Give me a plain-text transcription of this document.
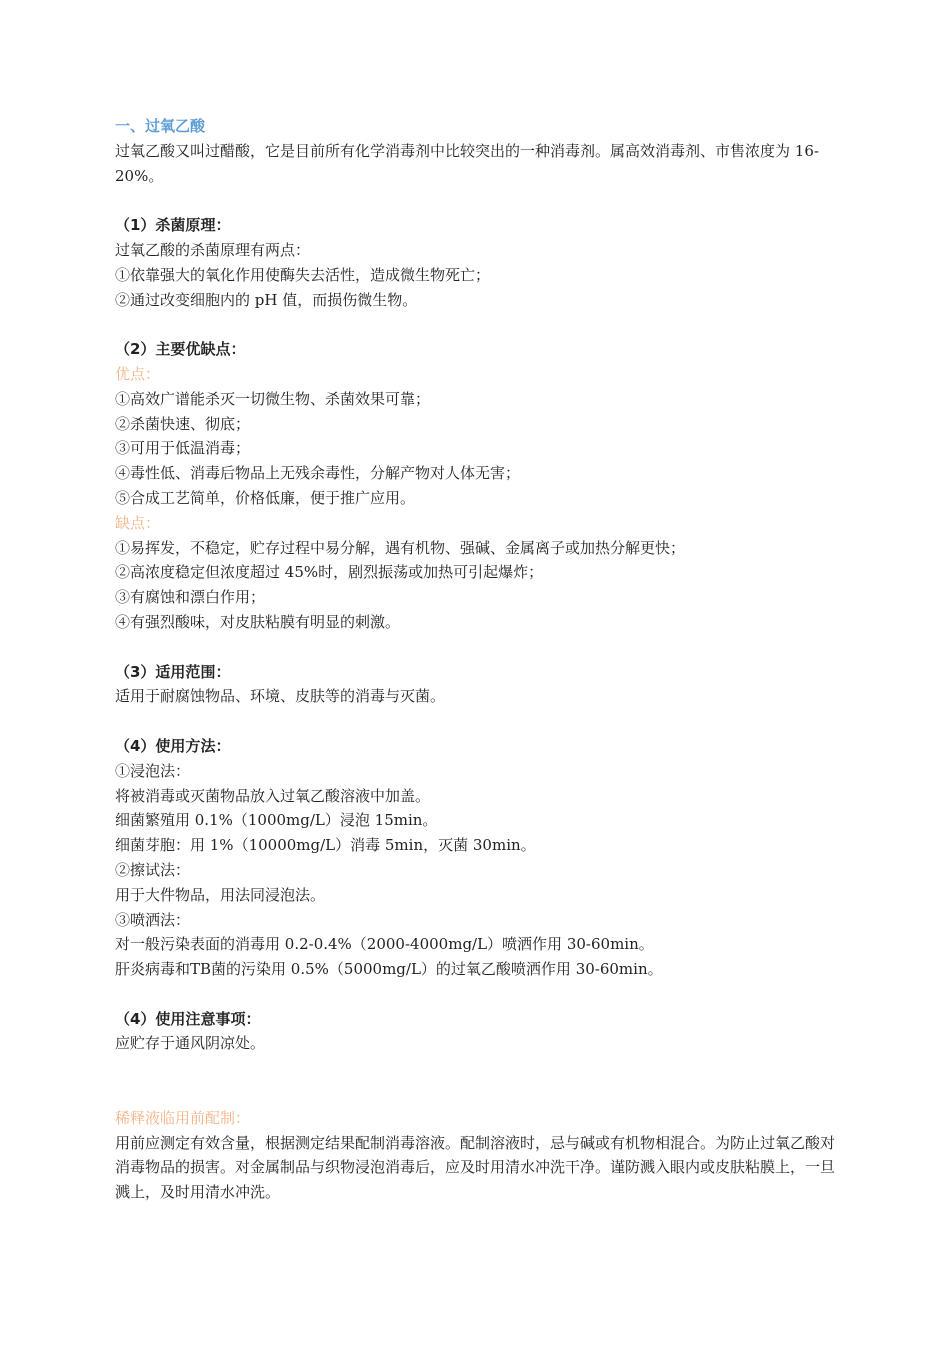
一、过氧乙酸
过氧乙酸又叫过醋酸，它是目前所有化学消毒剂中比较突出的一种消毒剂。属高效消毒剂、市售浓度为 16-20%。
（1）杀菌原理：
过氧乙酸的杀菌原理有两点：
①依靠强大的氧化作用使酶失去活性，造成微生物死亡；
②通过改变细胞内的 pH 值，而损伤微生物。
（2）主要优缺点：
优点：
①高效广谱能杀灭一切微生物、杀菌效果可靠；
②杀菌快速、彻底；
③可用于低温消毒；
④毒性低、消毒后物品上无残余毒性，分解产物对人体无害；
⑤合成工艺简单，价格低廉，便于推广应用。
缺点：
①易挥发，不稳定，贮存过程中易分解，遇有机物、强碱、金属离子或加热分解更快；
②高浓度稳定但浓度超过 45%时，剧烈振荡或加热可引起爆炸；
③有腐蚀和漂白作用；
④有强烈酸味，对皮肤粘膜有明显的刺激。
（3）适用范围：
适用于耐腐蚀物品、环境、皮肤等的消毒与灭菌。
（4）使用方法：
①浸泡法：
将被消毒或灭菌物品放入过氧乙酸溶液中加盖。
细菌繁殖用 0.1%（1000mg/L）浸泡 15min。
细菌芽胞：用 1%（10000mg/L）消毒 5min，灭菌 30min。
②擦试法：
用于大件物品，用法同浸泡法。
③喷洒法：
对一般污染表面的消毒用 0.2-0.4%（2000-4000mg/L）喷洒作用 30-60min。
肝炎病毒和TB菌的污染用 0.5%（5000mg/L）的过氧乙酸喷洒作用 30-60min。
（4）使用注意事项：
应贮存于通风阴凉处。
稀释液临用前配制：
用前应测定有效含量，根据测定结果配制消毒溶液。配制溶液时，忌与碱或有机物相混合。为防止过氧乙酸对消毒物品的损害。对金属制品与织物浸泡消毒后，应及时用清水冲洗干净。谨防溅入眼内或皮肤粘膜上，一旦溅上，及时用清水冲洗。
